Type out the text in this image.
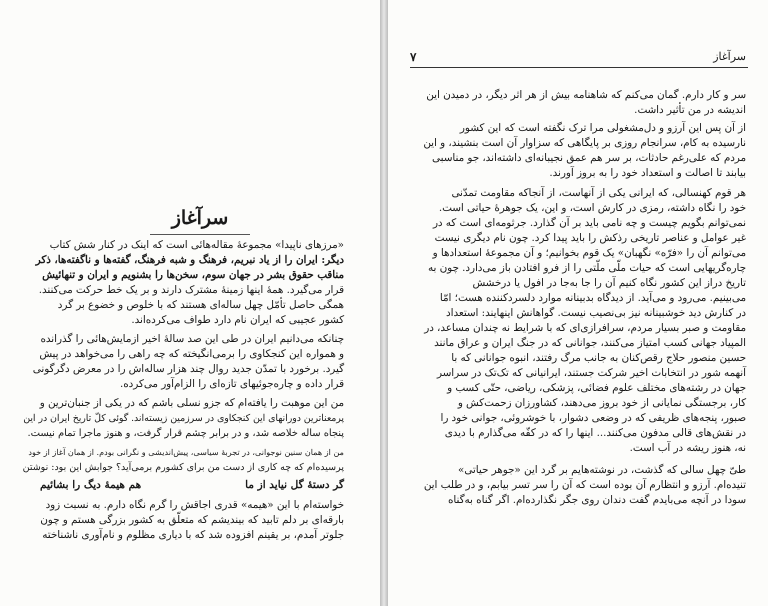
سرآغاز
«مرزهای ناپیدا» مجموعهٔ مقاله‌هائی است که اینک در کنار شش کتاب
دیگر: ایران را از یاد نبریم، فرهنگ و شبه فرهنگ، گفته‌ها و ناگفته‌ها، ذکر
مناقب حقوق بشر در جهان سوم، سخن‌ها را بشنویم و ایران و تنهائیش
قرار می‌گیرد. همهٔ اینها زمینهٔ مشترک دارند و بر یک خط حرکت می‌کنند.
همگی حاصل تأمّل چهل ساله‌ای هستند که با خلوص و خضوع بر گرد
کشور عجیبی که ایران نام دارد طواف می‌کرده‌اند.
چنانکه می‌دانیم ایران در طی این صد سالهٔ اخیر ازمایش‌هائی را گذرانده
و همواره این کنجکاوی را برمی‌انگیخته که چه راهی را می‌خواهد در پیش
گیرد. برخورد با تمدّن جدید روال چند هزار ساله‌اش را در معرض دگرگونی
قرار داده و چاره‌جوئیهای تازه‌ای را الزام‌آور می‌کرده.
من این موهبت را یافته‌ام که جزو نسلی باشم که در یکی از جنبان‌ترین و
پرمعناترین دورانهای این کنجکاوی در سرزمین زیسته‌اند. گوئی کلّ تاریخ ایران در این
پنجاه ساله خلاصه شد، و در برابر چشم قرار گرفت، و هنوز ماجرا تمام نیست.
من از همان سنین نوجوانی، در تجربهٔ سیاسی، پیش‌اندیشی و نگرانی بودم. از همان آغاز از خود
پرسیده‌ام که چه کاری از دست من برای کشورم برمی‌آید؟ جوابش این بود: نوشتن
گر دستهٔ گل نیاید از ما
هم هیمهٔ دیگ را بشائیم
خواسته‌ام با این «هیمه» قدری اجاقش را گرم نگاه دارم. به نسبت زود
بارقه‌ای بر دلم تابید که بیندیشم که متعلّق به کشور بزرگی هستم و چون
جلوتر آمدم، بر یقینم افزوده شد که با دیاری مظلوم و نام‌آوری ناشناخته
سرآغاز
۷
سر و کار دارم. گمان می‌کنم که شاهنامه بیش از هر اثر دیگر، در دمیدن این
اندیشه در من تأثیر داشت.
از آن پس این آرزو و دل‌مشغولی مرا ترک نگفته است که این کشور
نارسیده به کام، سرانجام روزی بر پایگاهی که سزاوار آن است بنشیند، و این
مردم که علی‌رغم حادثات، بر سر هم عمق نجیبانه‌ای داشته‌اند، جو مناسبی
بیابند تا اصالت و استعداد خود را به بروز آورند.
هر قوم کهنسالی، که ایرانی یکی از آنهاست، از آنجاکه مقاومت تمدّنی
خود را نگاه داشته، رمزی در کارش است، و این، یک جوهرهٔ حیاتی است.
نمی‌توانم بگویم چیست و چه نامی باید بر آن گذارد. جرثومه‌ای است که در
غیر عوامل و عناصر تاریخی رذکش را باید پیدا کرد. چون نام دیگری نیست
می‌توانم آن را «فرّه» نگهبان» یک قوم بخوانیم؛ و آن مجموعهٔ استعدادها و
چاره‌گریهایی است که حیات ملّی ملّتی را از فرو افتادن باز می‌دارد. چون به
تاریخ دراز این کشور نگاه کنیم آن را جا به‌جا در افول یا درخشش
می‌بینیم. می‌رود و می‌آید. از دیدگاه بدبینانه موارد دلسردکننده هست؛ امّا
در کنارش دید خوشبینانه نیز بی‌نصیب نیست. گواهانش اینهایند: استعداد
مقاومت و صبر بسیار مردم، سرافرازی‌ای که با شرایط نه چندان مساعد، در
المپیاد جهانی کسب امتیاز می‌کنند، جوانانی که در جنگ ایران و عراق مانند
حسین منصور حلاج رقص‌کنان به جانب مرگ رفتند، انبوه جوانانی که با
آنهمه شور در انتخابات اخیر شرکت جستند، ایرانیانی که تک‌تک در سراسر
جهان در رشته‌های مختلف علوم فضائی، پزشکی، ریاضی، حتّی کسب و
کار، برجستگی نمایانی از خود بروز می‌دهند، کشاورزان زحمت‌کش و
صبور، پنجه‌های ظریفی که در وضعی دشوار، با خوشروئی، جوانی خود را
در نقش‌های قالی مدفون می‌کنند... اینها را که در کفّه می‌گذارم با دیدی
نه، هنوز ریشه در آب است.
طیّ چهل سالی که گذشت، در نوشته‌هایم بر گرد این «جوهر حیاتی»
تنیده‌ام. آرزو و انتظارم آن بوده است که آن را سر تسر بیابم، و در طلب این
سودا در آنچه می‌بایدم گفت دندان روی جگر نگذارده‌ام. اگر گناه به‌گناه
